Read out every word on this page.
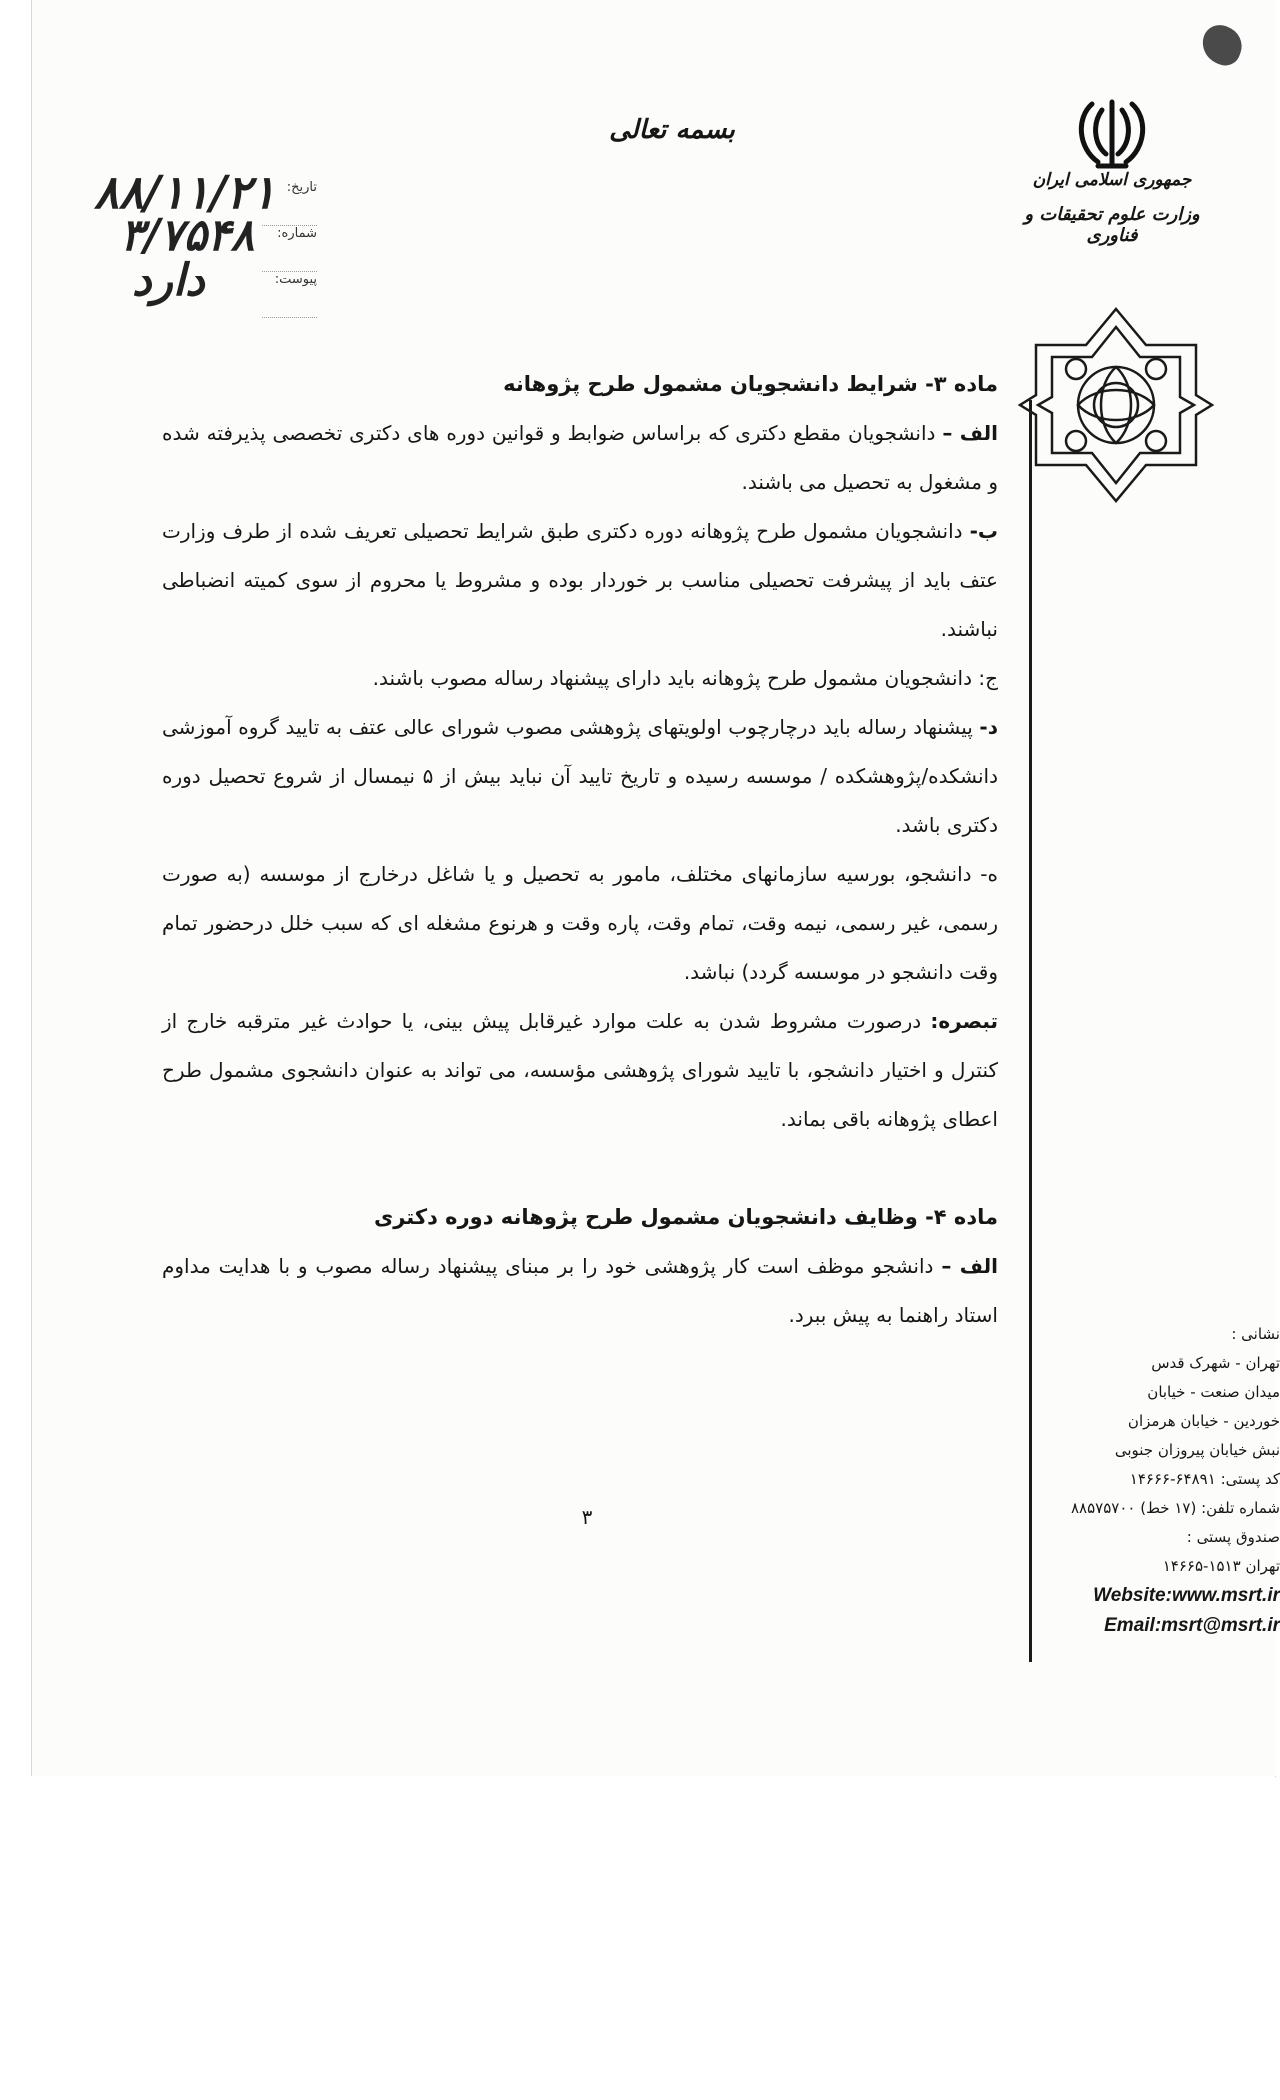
جمهوری اسلامی ایران
وزارت علوم تحقیقات و فناوری
بسمه تعالی
تاریخ:
شماره:
پیوست:
۸۸/۱۱/۲۱
۳/۷۵۴۸
دارد

ماده ۳- شرایط دانشجویان مشمول طرح پژوهانه

الف – دانشجویان مقطع دکتری که براساس ضوابط و قوانین دوره های دکتری تخصصی پذیرفته شده و مشغول به تحصیل می باشند.

ب- دانشجویان مشمول طرح پژوهانه دوره دکتری طبق شرایط تحصیلی تعریف شده از طرف وزارت عتف باید از پیشرفت تحصیلی مناسب بر خوردار بوده و مشروط یا محروم از سوی کمیته انضباطی نباشند.

ج: دانشجویان مشمول طرح پژوهانه باید دارای پیشنهاد رساله مصوب باشند.

د- پیشنهاد رساله باید درچارچوب اولویتهای پژوهشی مصوب شورای عالی عتف به تایید گروه آموزشی دانشکده/پژوهشکده / موسسه رسیده و تاریخ تایید آن نباید بیش از ۵ نیمسال از شروع تحصیل دوره دکتری باشد.

ه- دانشجو، بورسیه سازمانهای مختلف، مامور به تحصیل و یا شاغل درخارج از موسسه (به صورت رسمی، غیر رسمی، نیمه وقت، تمام وقت، پاره وقت و هرنوع مشغله ای که سبب خلل درحضور تمام وقت دانشجو در موسسه گردد) نباشد.

تبصره: درصورت مشروط شدن به علت موارد غیرقابل پیش بینی، یا حوادث غیر مترقبه خارج از کنترل و اختیار دانشجو، با تایید شورای پژوهشی مؤسسه، می تواند به عنوان دانشجوی مشمول طرح اعطای پژوهانه باقی بماند.

ماده ۴- وظایف دانشجویان مشمول طرح پژوهانه دوره دکتری

الف – دانشجو موظف است کار پژوهشی خود را بر مبنای پیشنهاد رساله مصوب و با هدایت مداوم استاد راهنما به پیش ببرد.

نشانی :
تهران - شهرک قدس
میدان صنعت - خیابان
خوردین - خیابان هرمزان
نبش خیابان پیروزان جنوبی
کد پستی: ۶۴۸۹۱-۱۴۶۶۶
شماره تلفن: (۱۷ خط) ۸۸۵۷۵۷۰۰
صندوق پستی :
تهران ۱۵۱۳-۱۴۶۶۵
Website:www.msrt.ir
Email:msrt@msrt.ir
۳
